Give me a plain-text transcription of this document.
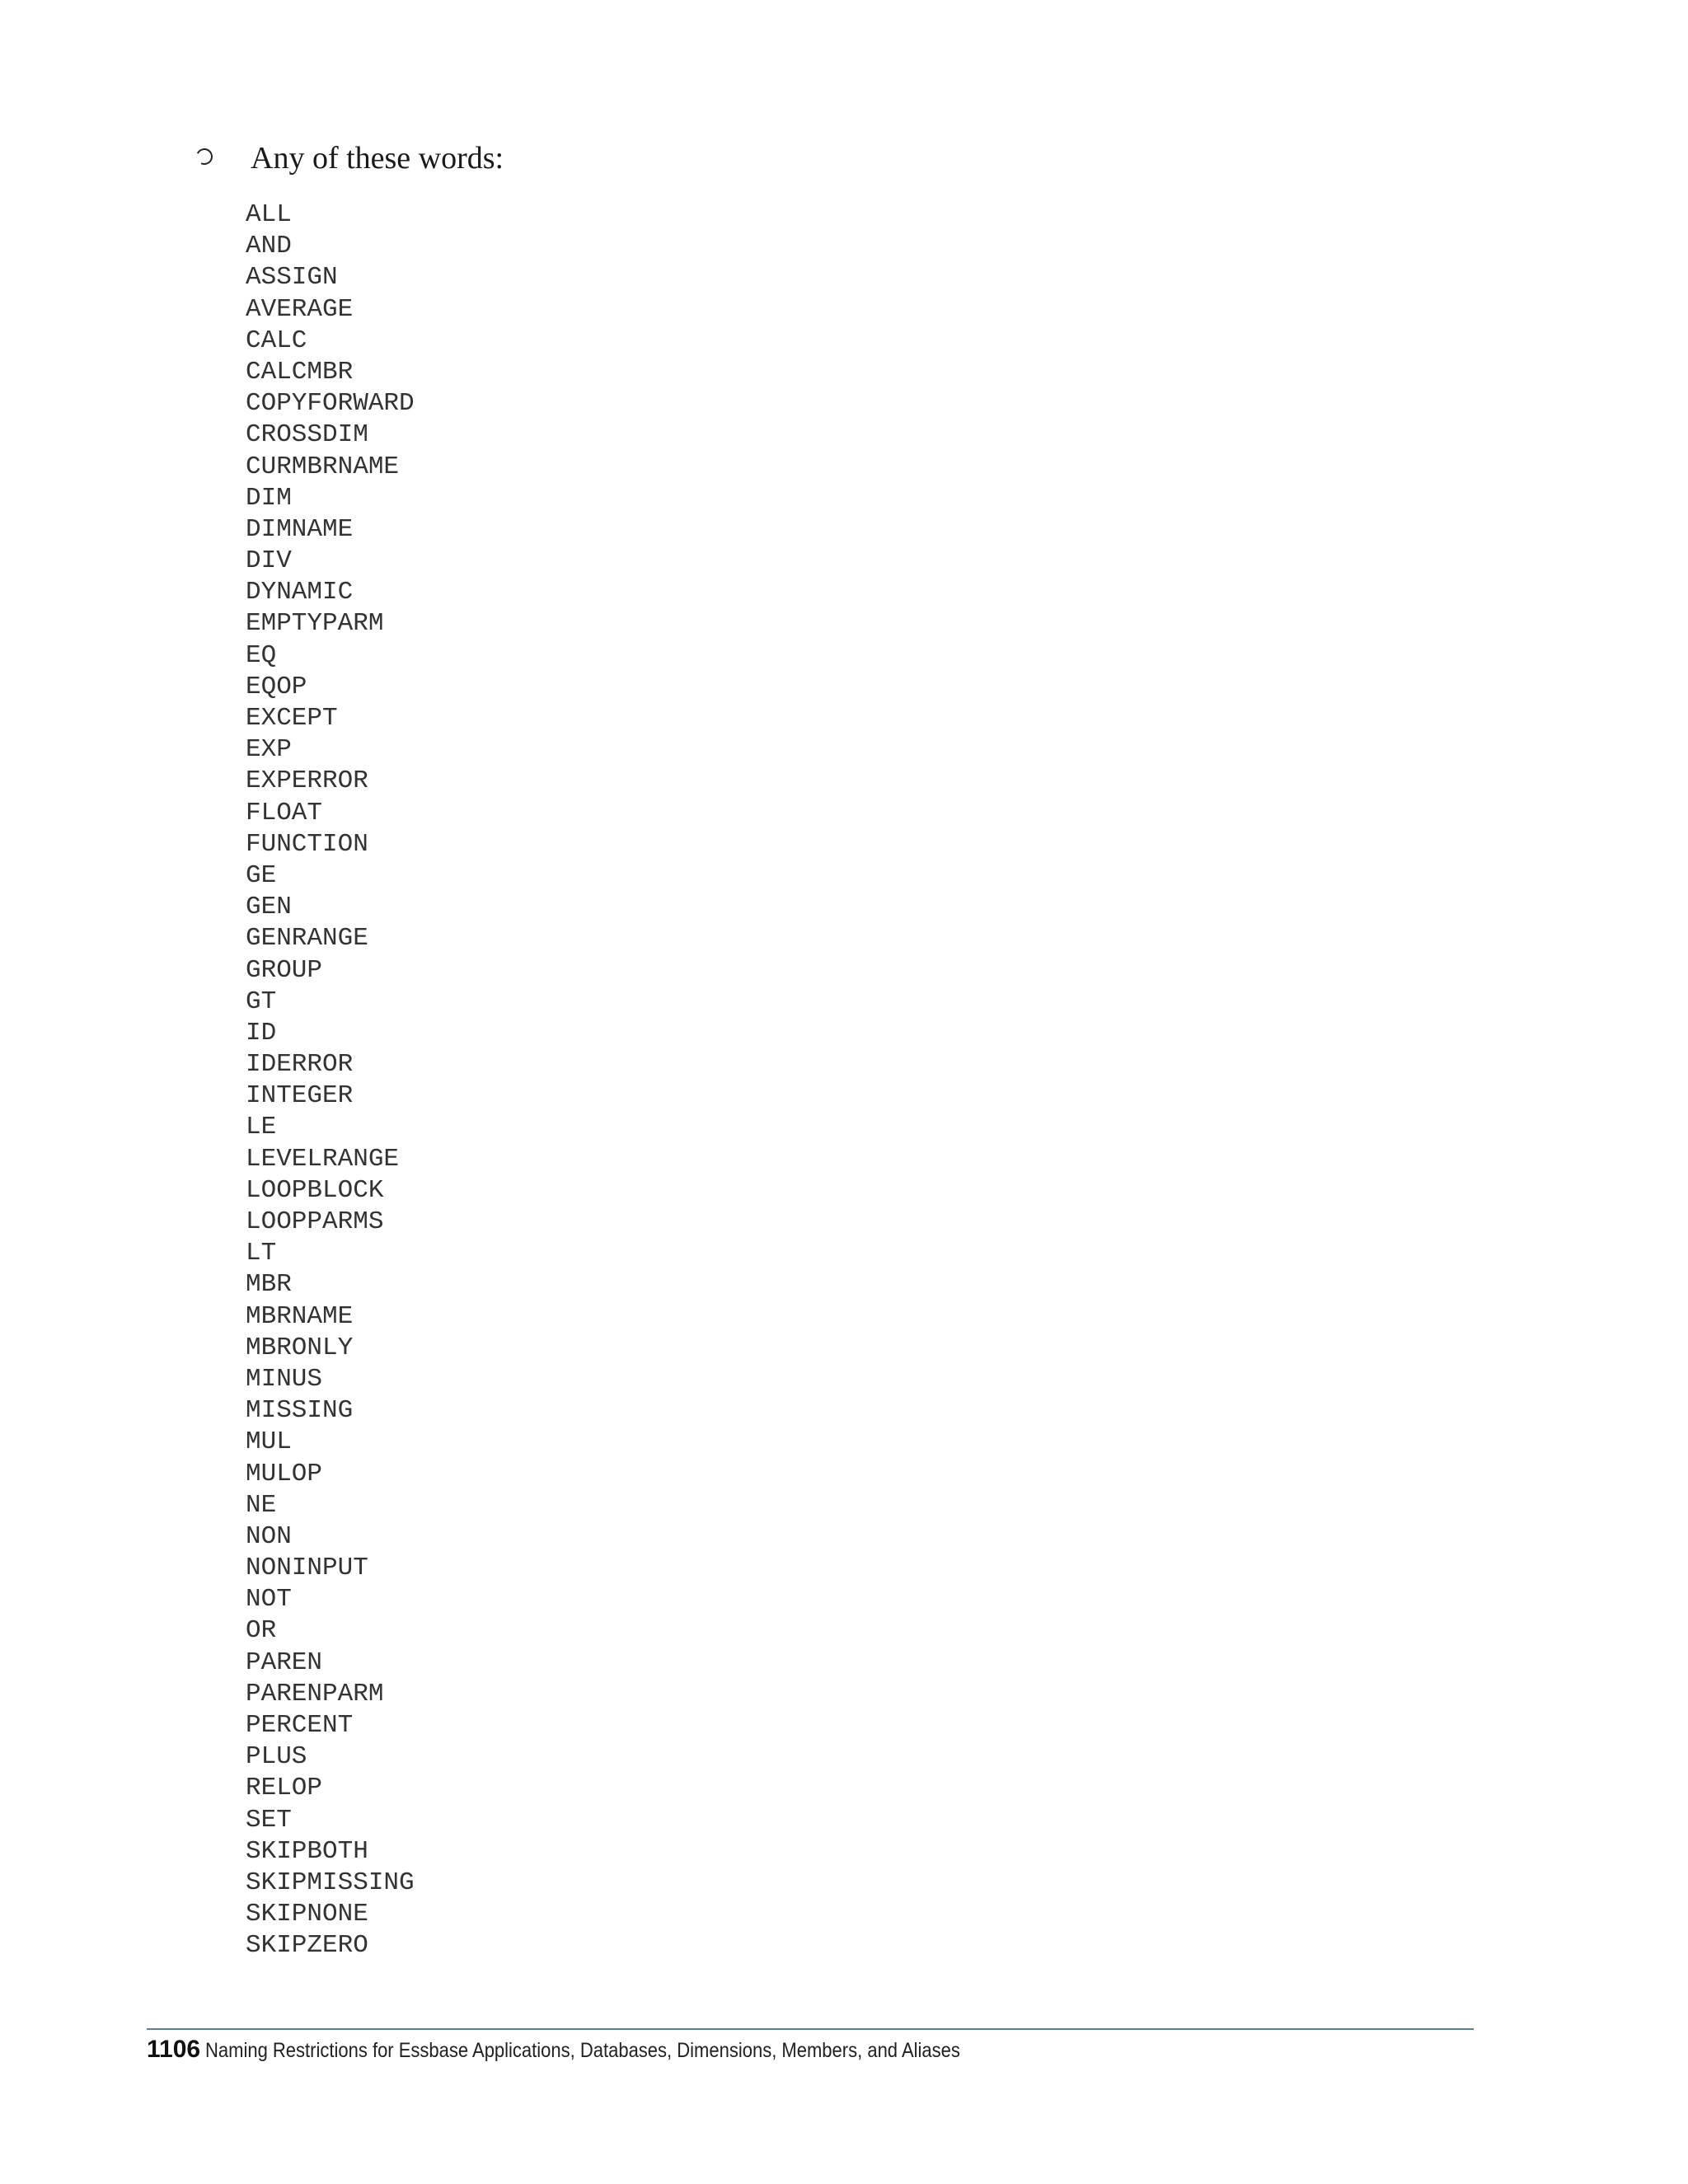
Any of these words:
ALL
AND
ASSIGN
AVERAGE
CALC
CALCMBR
COPYFORWARD
CROSSDIM
CURMBRNAME
DIM
DIMNAME
DIV
DYNAMIC
EMPTYPARM
EQ
EQOP
EXCEPT
EXP
EXPERROR
FLOAT
FUNCTION
GE
GEN
GENRANGE
GROUP
GT
ID
IDERROR
INTEGER
LE
LEVELRANGE
LOOPBLOCK
LOOPPARMS
LT
MBR
MBRNAME
MBRONLY
MINUS
MISSING
MUL
MULOP
NE
NON
NONINPUT
NOT
OR
PAREN
PARENPARM
PERCENT
PLUS
RELOP
SET
SKIPBOTH
SKIPMISSING
SKIPNONE
SKIPZERO
1106 Naming Restrictions for Essbase Applications, Databases, Dimensions, Members, and Aliases
